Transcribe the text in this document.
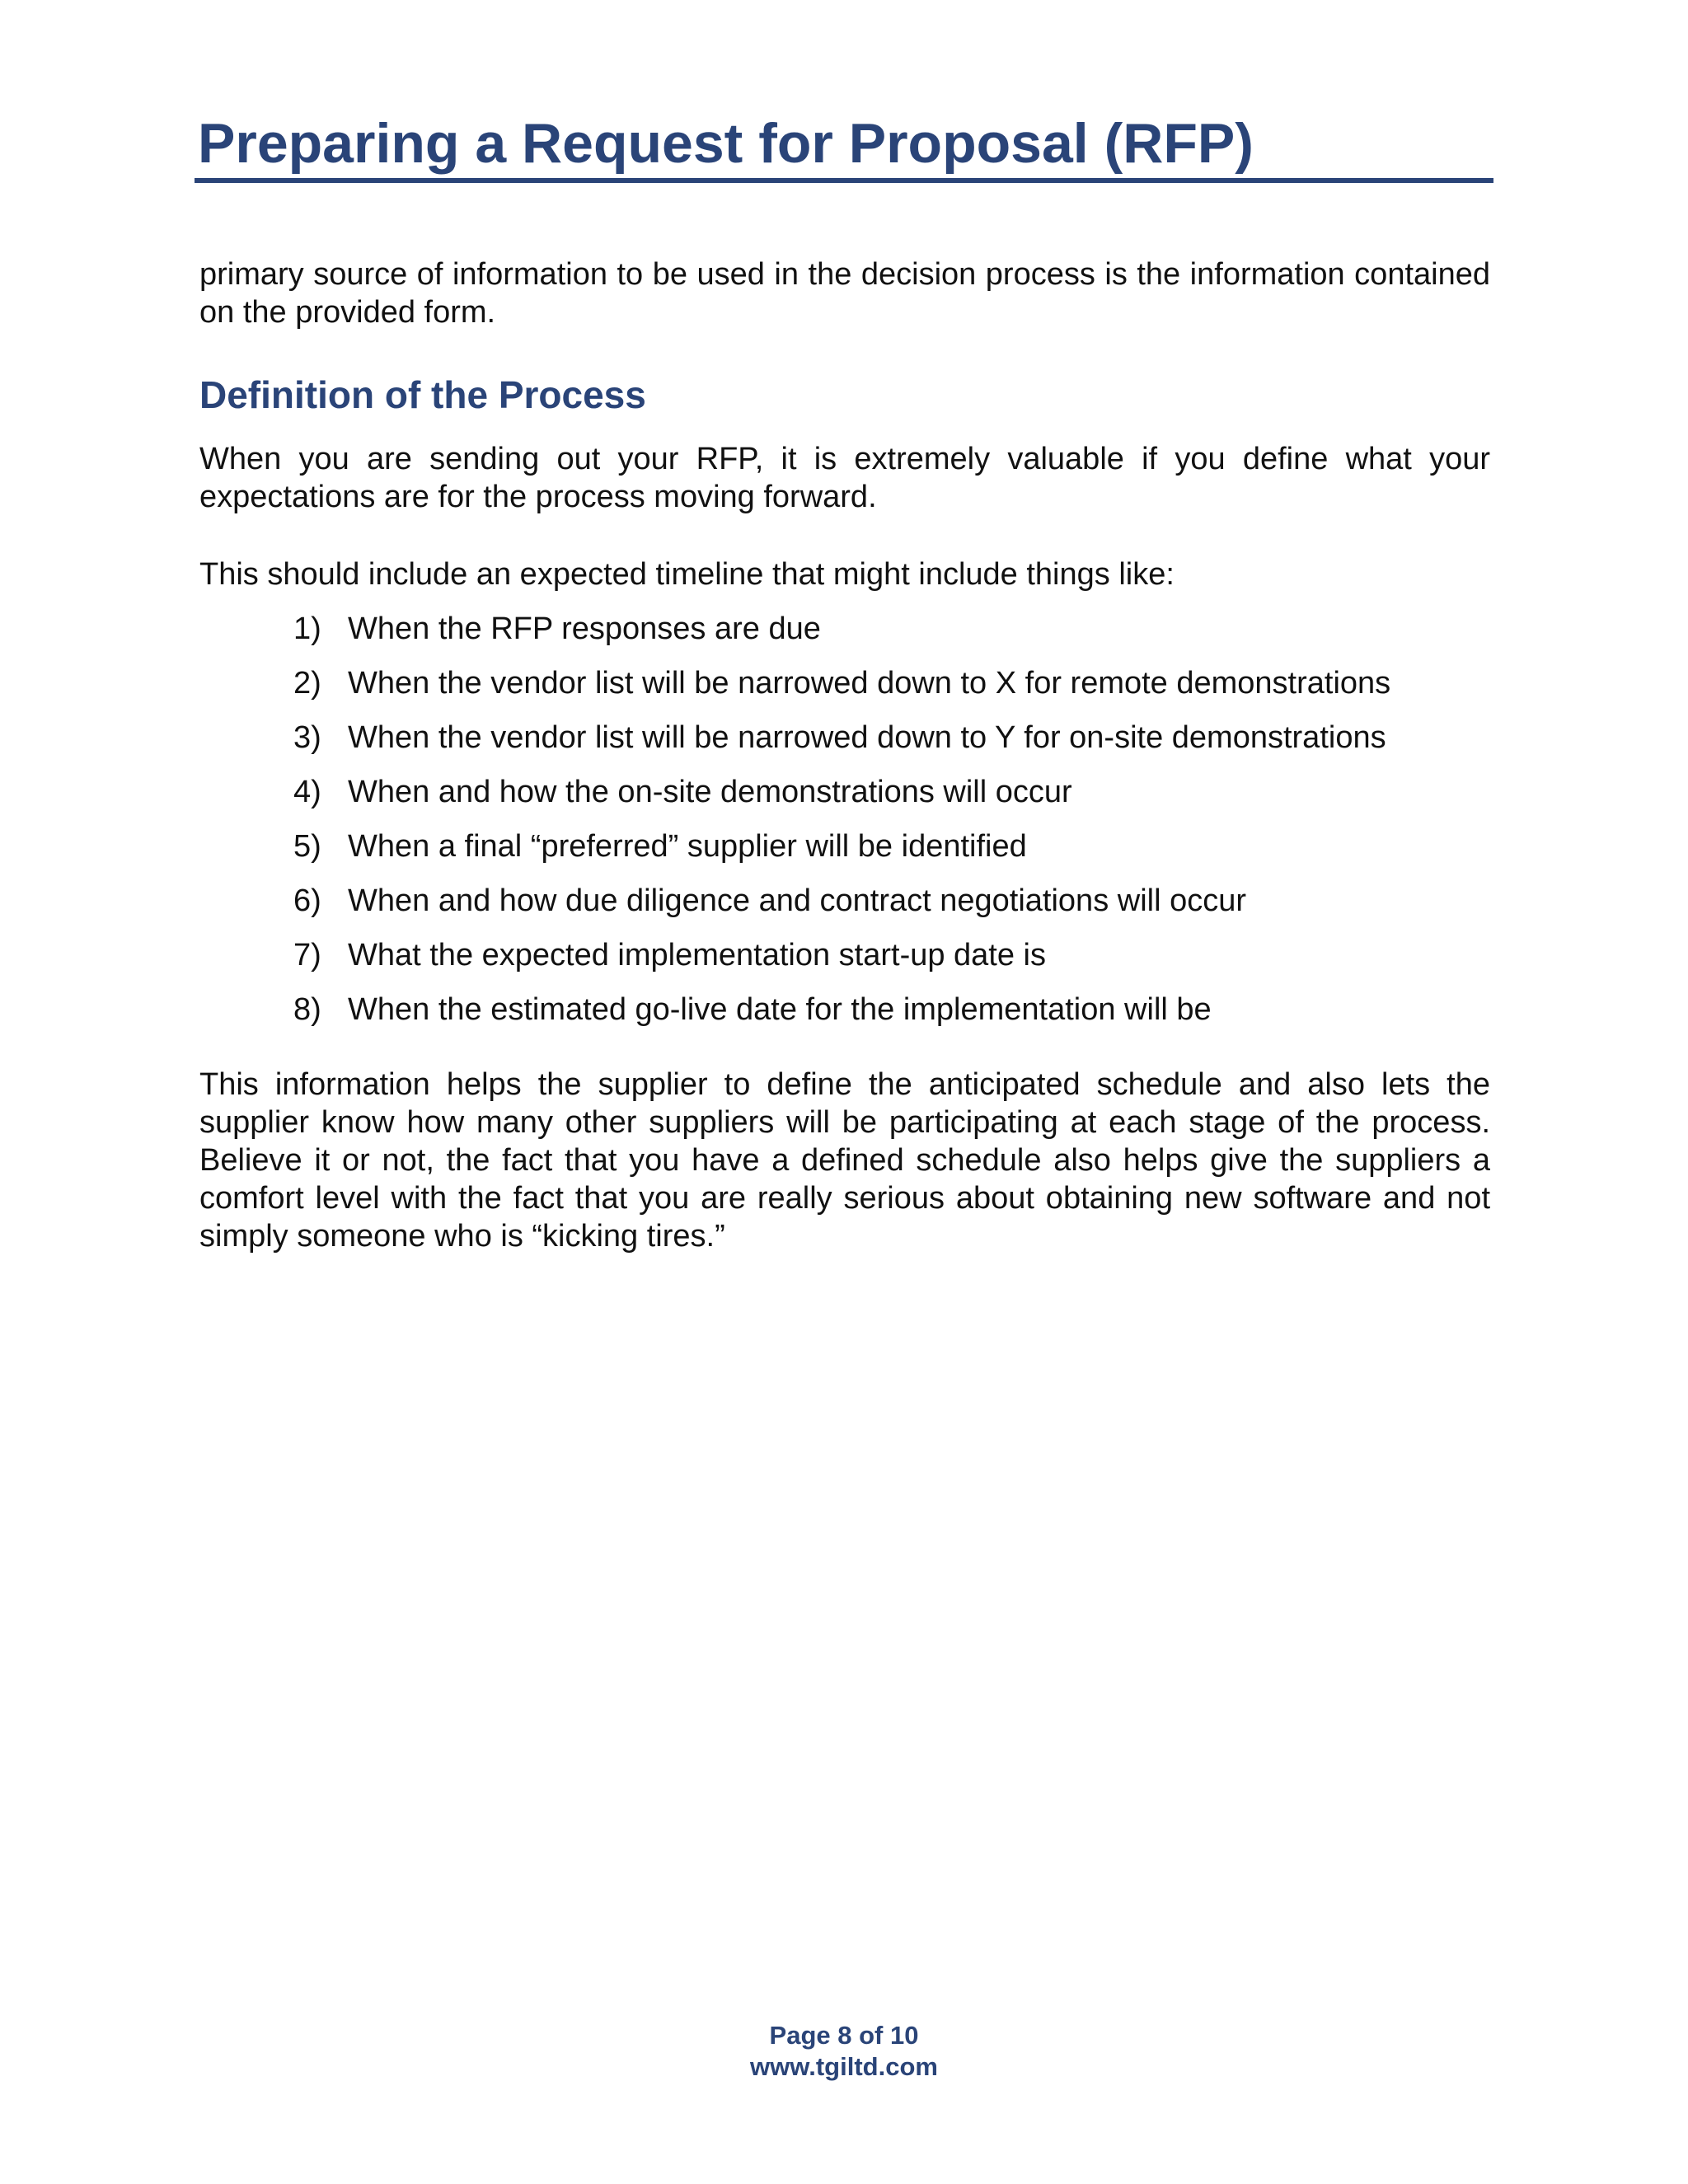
Preparing a Request for Proposal (RFP)

primary source of information to be used in the decision process is the information contained on the provided form.

Definition of the Process

When you are sending out your RFP, it is extremely valuable if you define what your expectations are for the process moving forward.

This should include an expected timeline that might include things like:

1) When the RFP responses are due
2) When the vendor list will be narrowed down to X for remote demonstrations
3) When the vendor list will be narrowed down to Y for on-site demonstrations
4) When and how the on-site demonstrations will occur
5) When a final “preferred” supplier will be identified
6) When and how due diligence and contract negotiations will occur
7) What the expected implementation start-up date is
8) When the estimated go-live date for the implementation will be

This information helps the supplier to define the anticipated schedule and also lets the supplier know how many other suppliers will be participating at each stage of the process. Believe it or not, the fact that you have a defined schedule also helps give the suppliers a comfort level with the fact that you are really serious about obtaining new software and not simply someone who is “kicking tires.”

Page 8 of 10
www.tgiltd.com
